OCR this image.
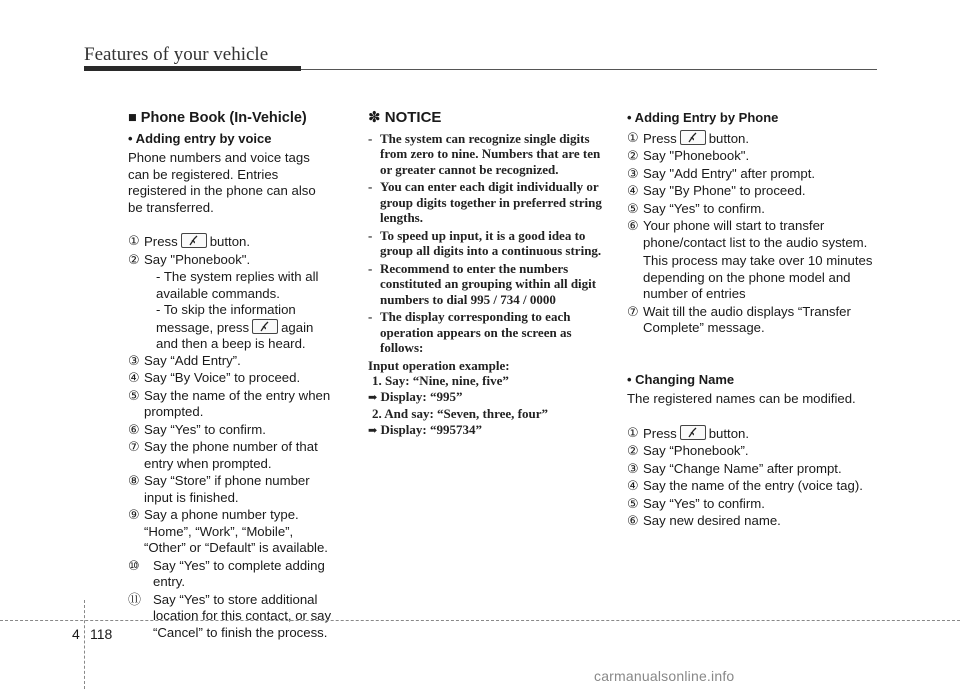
Features of your vehicle
■ Phone Book (In-Vehicle)
• Adding entry by voice
Phone numbers and voice tags can be registered. Entries registered in the phone can also be transferred.
① Press button.
② Say "Phonebook".
- The system replies with all available commands.
- To skip the information message, press again and then a beep is heard.
③ Say “Add Entry”.
④ Say “By Voice” to proceed.
⑤ Say the name of the entry when prompted.
⑥ Say “Yes” to confirm.
⑦ Say the phone number of that entry when prompted.
⑧ Say “Store” if phone number input is finished.
⑨ Say a phone number type. “Home”, “Work”, “Mobile”, “Other” or “Default” is available.
⑩ Say “Yes” to complete adding entry.
⑪ Say “Yes” to store additional location for this contact, or say “Cancel” to finish the process.
✽ NOTICE
- The system can recognize single digits from zero to nine. Numbers that are ten or greater cannot be recognized.
- You can enter each digit individually or group digits together in preferred string lengths.
- To speed up input, it is a good idea to group all digits into a continuous string.
- Recommend to enter the numbers constituted an grouping within all digit numbers to dial 995 / 734 / 0000
- The display corresponding to each operation appears on the screen as follows:
Input operation example:
1. Say: “Nine, nine, five”
➡ Display: “995”
2. And say: “Seven, three, four”
➡ Display: “995734”
• Adding Entry by Phone
① Press button.
② Say "Phonebook".
③ Say "Add Entry" after prompt.
④ Say "By Phone" to proceed.
⑤ Say “Yes” to confirm.
⑥ Your phone will start to transfer phone/contact list to the audio system.
This process may take over 10 minutes depending on the phone model and number of entries
⑦ Wait till the audio displays “Transfer Complete” message.
• Changing Name
The registered names can be modified.
① Press button.
② Say “Phonebook”.
③ Say “Change Name” after prompt.
④ Say the name of the entry (voice tag).
⑤ Say “Yes” to confirm.
⑥ Say new desired name.
4 118
carmanualsonline.info
